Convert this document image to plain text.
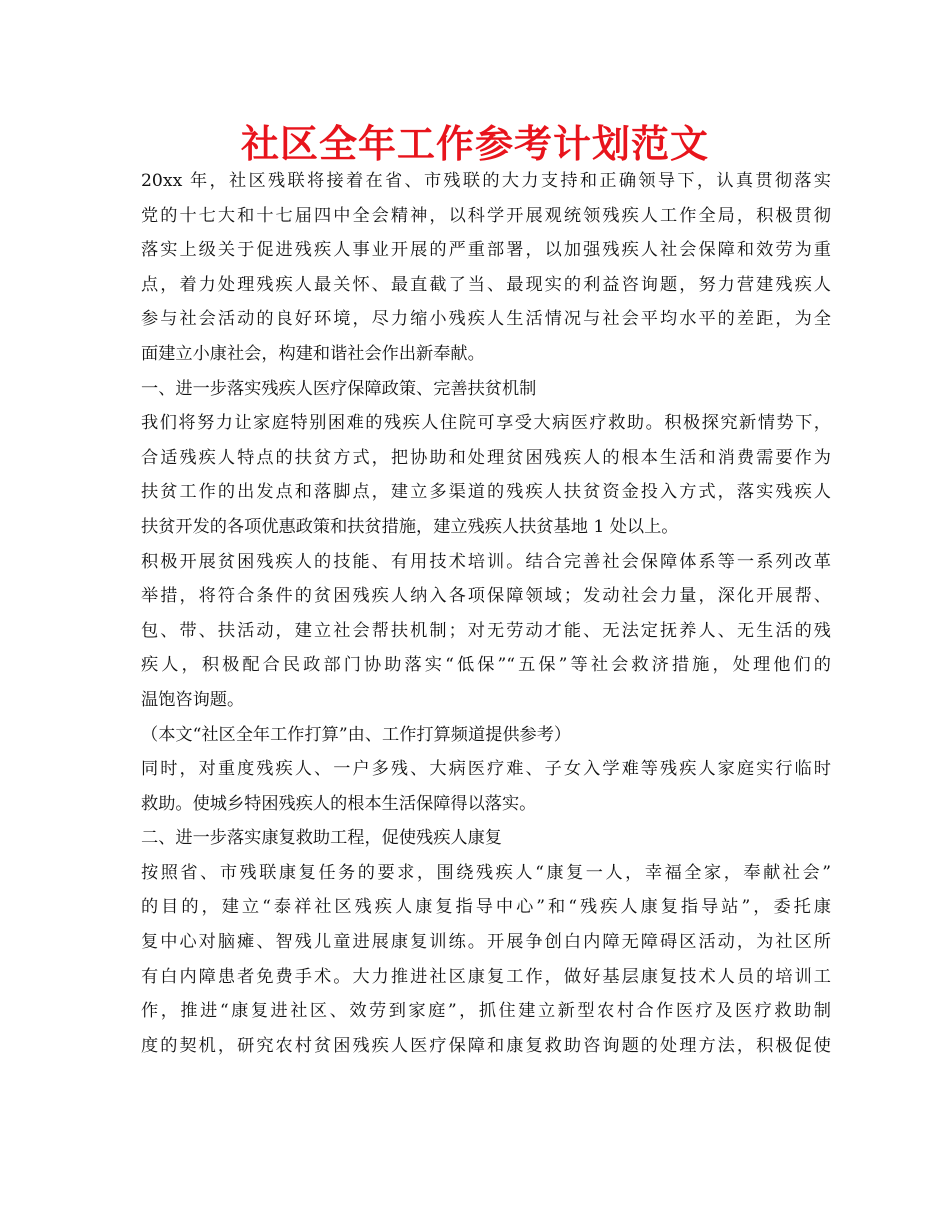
社区全年工作参考计划范文
20xx 年，社区残联将接着在省、市残联的大力支持和正确领导下，认真贯彻落实
党的十七大和十七届四中全会精神，以科学开展观统领残疾人工作全局，积极贯彻
落实上级关于促进残疾人事业开展的严重部署，以加强残疾人社会保障和效劳为重
点，着力处理残疾人最关怀、最直截了当、最现实的利益咨询题，努力营建残疾人
参与社会活动的良好环境，尽力缩小残疾人生活情况与社会平均水平的差距，为全
面建立小康社会，构建和谐社会作出新奉献。
一、进一步落实残疾人医疗保障政策、完善扶贫机制
我们将努力让家庭特别困难的残疾人住院可享受大病医疗救助。积极探究新情势下，
合适残疾人特点的扶贫方式，把协助和处理贫困残疾人的根本生活和消费需要作为
扶贫工作的出发点和落脚点，建立多渠道的残疾人扶贫资金投入方式，落实残疾人
扶贫开发的各项优惠政策和扶贫措施，建立残疾人扶贫基地 1 处以上。
积极开展贫困残疾人的技能、有用技术培训。结合完善社会保障体系等一系列改革
举措，将符合条件的贫困残疾人纳入各项保障领域；发动社会力量，深化开展帮、
包、带、扶活动，建立社会帮扶机制；对无劳动才能、无法定抚养人、无生活的残
疾人，积极配合民政部门协助落实“低保”“五保”等社会救济措施，处理他们的
温饱咨询题。
（本文“社区全年工作打算”由、工作打算频道提供参考）
同时，对重度残疾人、一户多残、大病医疗难、子女入学难等残疾人家庭实行临时
救助。使城乡特困残疾人的根本生活保障得以落实。
二、进一步落实康复救助工程，促使残疾人康复
按照省、市残联康复任务的要求，围绕残疾人“康复一人，幸福全家，奉献社会”
的目的，建立“泰祥社区残疾人康复指导中心”和“残疾人康复指导站”，委托康
复中心对脑瘫、智残儿童进展康复训练。开展争创白内障无障碍区活动，为社区所
有白内障患者免费手术。大力推进社区康复工作，做好基层康复技术人员的培训工
作，推进“康复进社区、效劳到家庭”，抓住建立新型农村合作医疗及医疗救助制
度的契机，研究农村贫困残疾人医疗保障和康复救助咨询题的处理方法，积极促使
